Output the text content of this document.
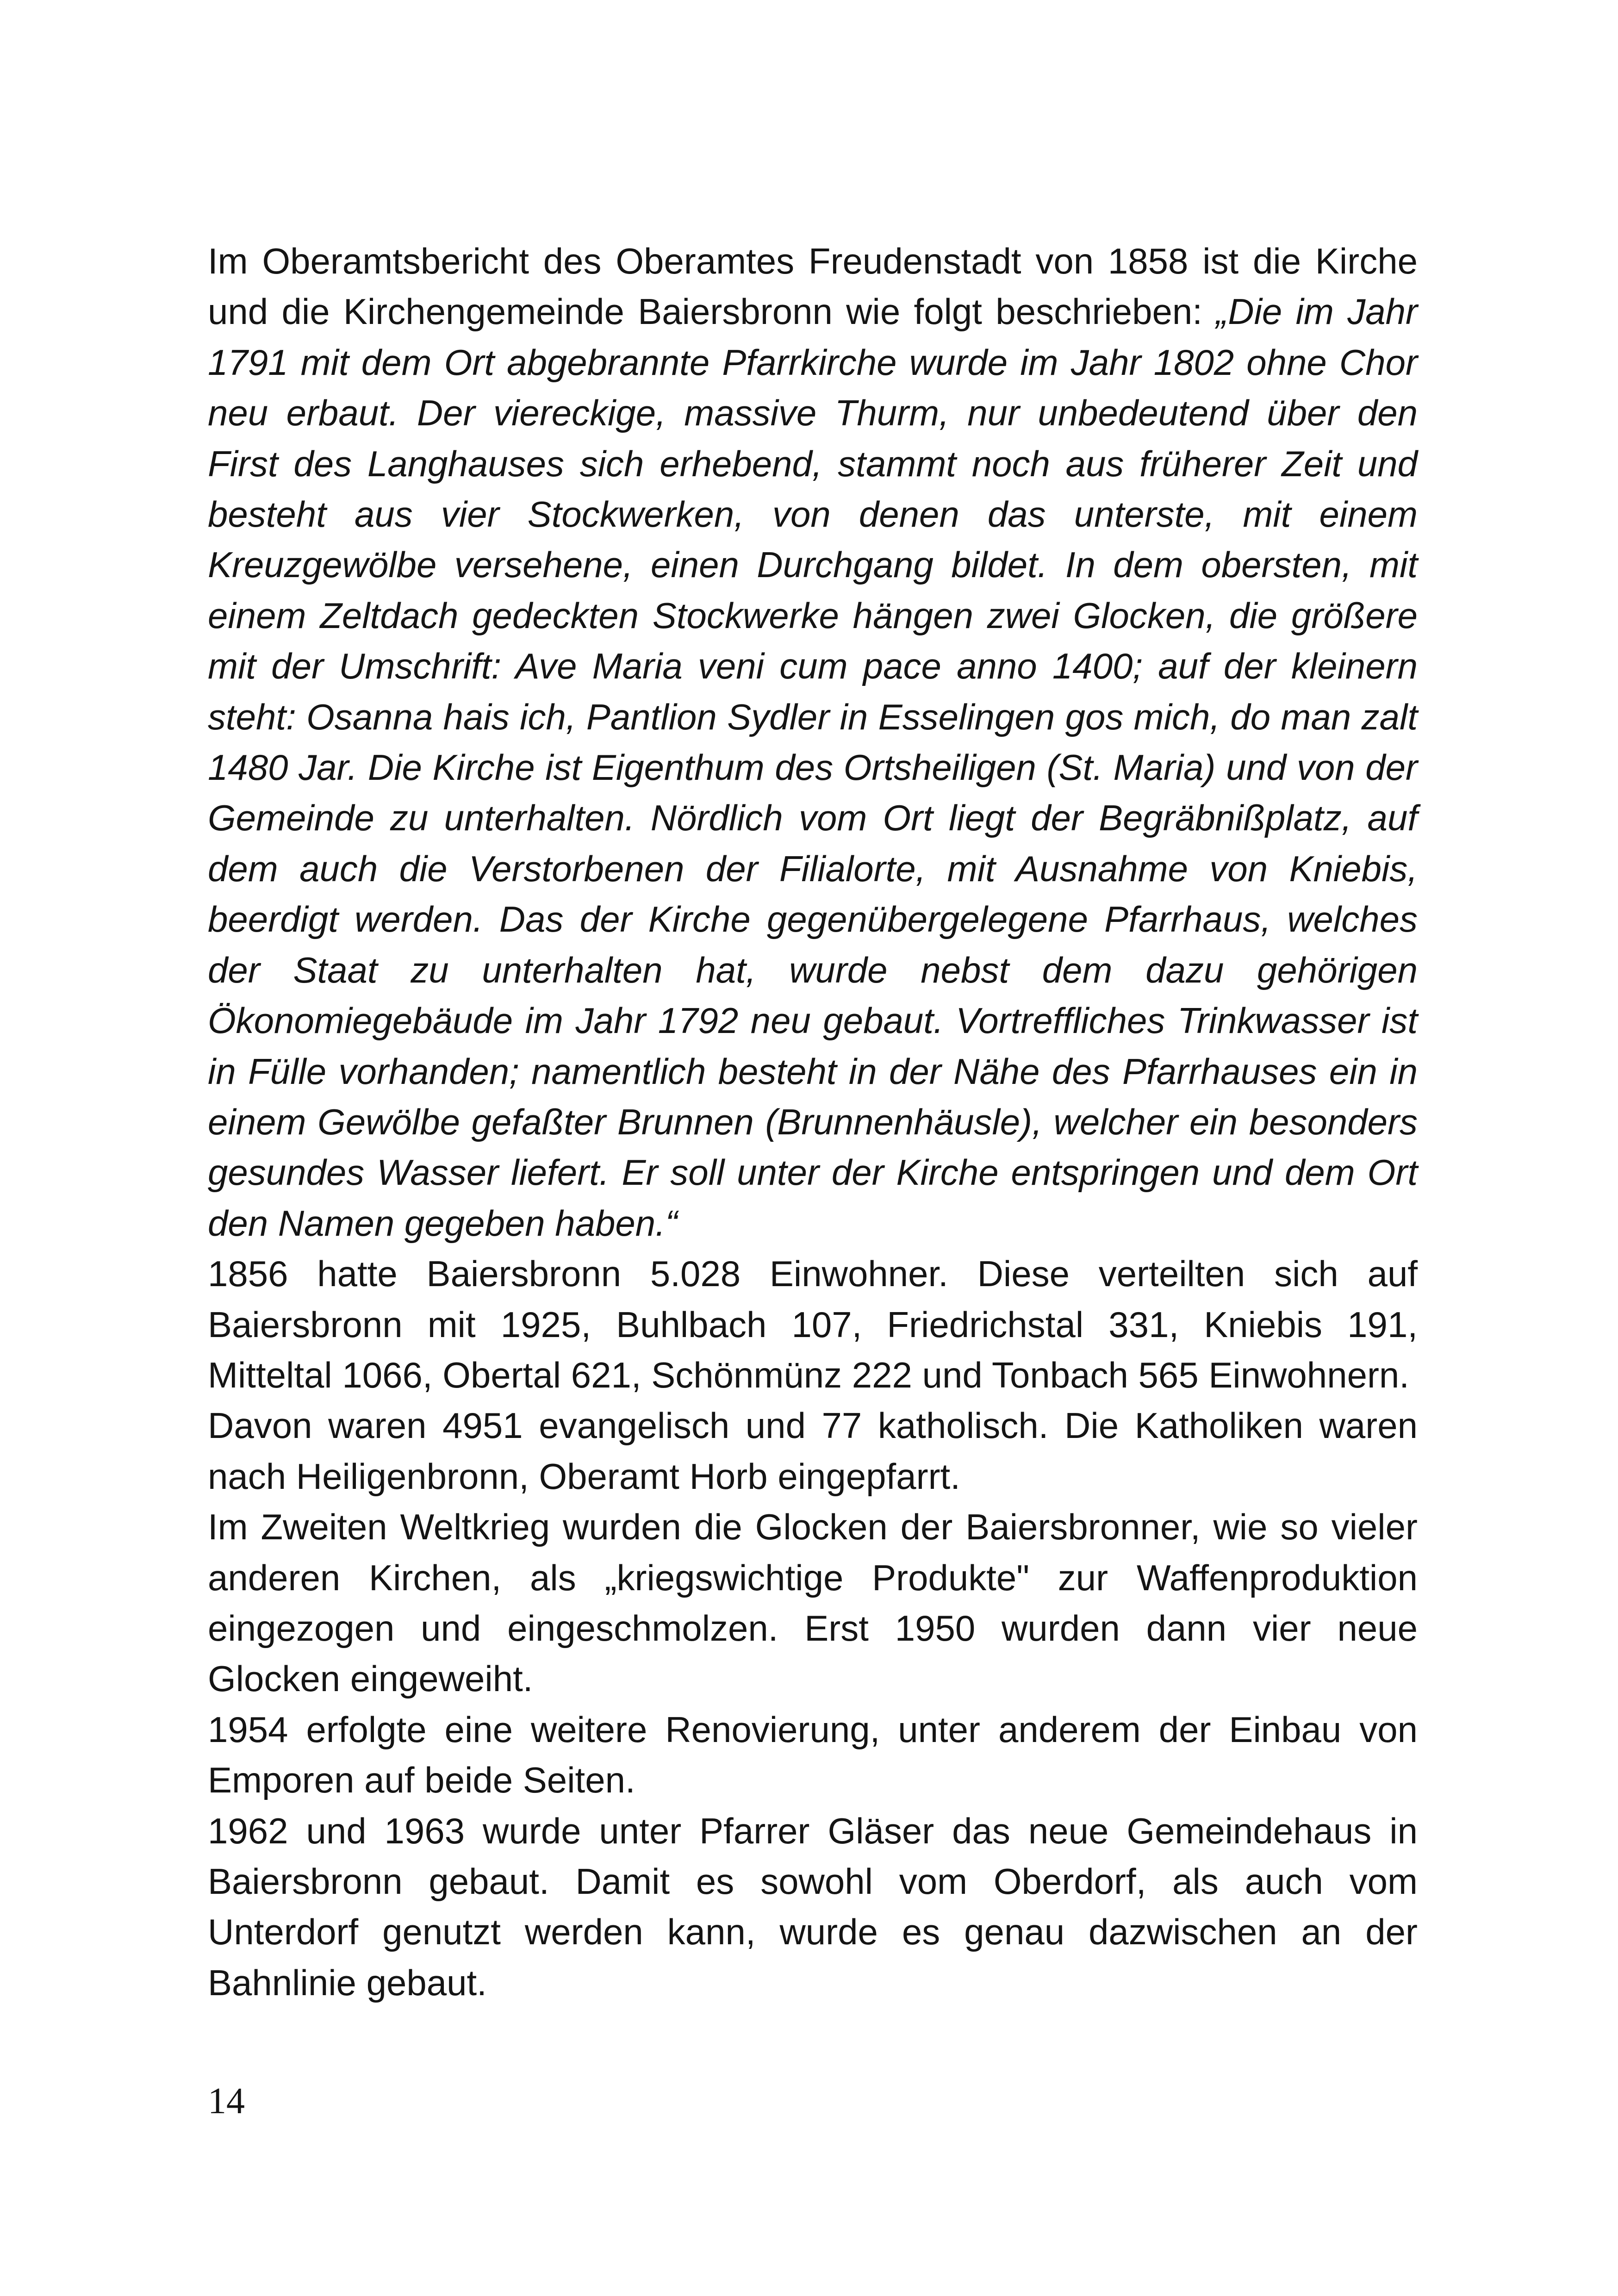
Im Oberamtsbericht des Oberamtes Freudenstadt von 1858 ist die Kirche und die Kirchengemeinde Baiersbronn wie folgt beschrieben: „Die im Jahr 1791 mit dem Ort abgebrannte Pfarrkirche wurde im Jahr 1802 ohne Chor neu erbaut. Der viereckige, massive Thurm, nur unbedeutend über den First des Langhauses sich erhebend, stammt noch aus früherer Zeit und besteht aus vier Stockwerken, von denen das unterste, mit einem Kreuzgewölbe versehene, einen Durchgang bildet. In dem obersten, mit einem Zeltdach gedeckten Stockwerke hängen zwei Glocken, die größere mit der Umschrift: Ave Maria veni cum pace anno 1400; auf der kleinern steht: Osanna hais ich, Pantlion Sydler in Esselingen gos mich, do man zalt 1480 Jar. Die Kirche ist Eigenthum des Ortsheiligen (St. Maria) und von der Gemeinde zu unterhalten. Nördlich vom Ort liegt der Begräbnißplatz, auf dem auch die Verstorbenen der Filialorte, mit Ausnahme von Kniebis, beerdigt werden. Das der Kirche gegenübergelegene Pfarrhaus, welches der Staat zu unterhalten hat, wurde nebst dem dazu gehörigen Ökonomiegebäude im Jahr 1792 neu gebaut. Vortreffliches Trinkwasser ist in Fülle vorhanden; namentlich besteht in der Nähe des Pfarrhauses ein in einem Gewölbe gefaßter Brunnen (Brunnenhäusle), welcher ein besonders gesundes Wasser liefert. Er soll unter der Kirche entspringen und dem Ort den Namen gegeben haben.“

1856 hatte Baiersbronn 5.028 Einwohner. Diese verteilten sich auf Baiersbronn mit 1925, Buhlbach 107, Friedrichstal 331, Kniebis 191, Mitteltal 1066, Obertal 621, Schönmünz 222 und Tonbach 565 Einwohnern.

Davon waren 4951 evangelisch und 77 katholisch. Die Katholiken waren nach Heiligenbronn, Oberamt Horb eingepfarrt.

Im Zweiten Weltkrieg wurden die Glocken der Baiersbronner, wie so vieler anderen Kirchen, als „kriegswichtige Produkte" zur Waffenproduktion eingezogen und eingeschmolzen. Erst 1950 wurden dann vier neue Glocken eingeweiht.

1954 erfolgte eine weitere Renovierung, unter anderem der Einbau von Emporen auf beide Seiten.

1962 und 1963 wurde unter Pfarrer Gläser das neue Gemeindehaus in Baiersbronn gebaut. Damit es sowohl vom Oberdorf, als auch vom Unterdorf genutzt werden kann, wurde es genau dazwischen an der Bahnlinie gebaut.

14
